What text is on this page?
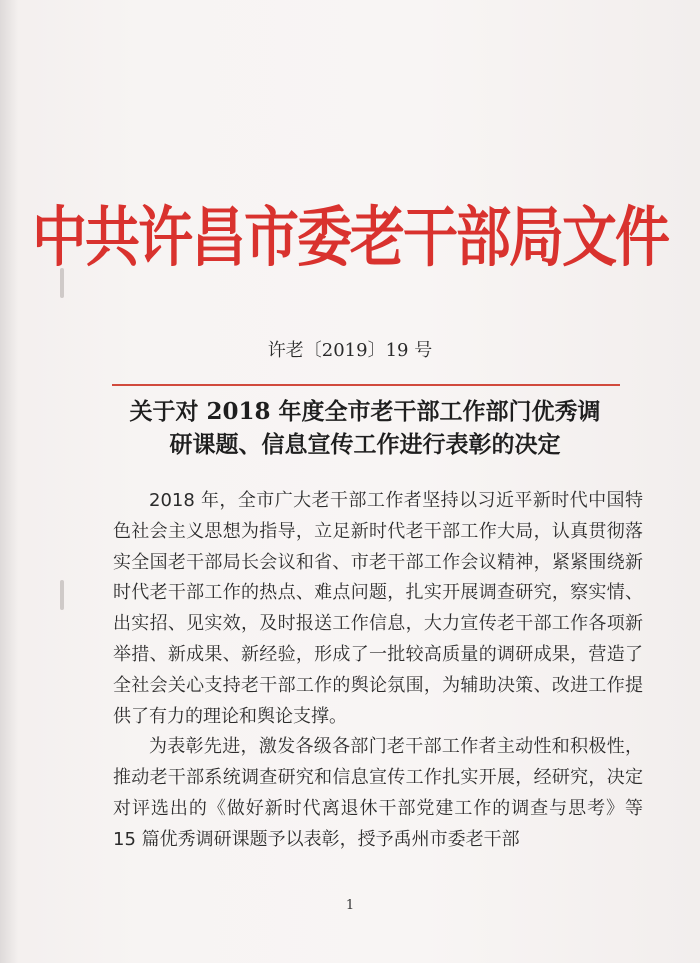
中共许昌市委老干部局文件
许老〔2019〕19 号
关于对 2018 年度全市老干部工作部门优秀调
研课题、信息宣传工作进行表彰的决定

2018 年，全市广大老干部工作者坚持以习近平新时代中国特色社会主义思想为指导，立足新时代老干部工作大局，认真贯彻落实全国老干部局长会议和省、市老干部工作会议精神，紧紧围绕新时代老干部工作的热点、难点问题，扎实开展调查研究，察实情、出实招、见实效，及时报送工作信息，大力宣传老干部工作各项新举措、新成果、新经验，形成了一批较高质量的调研成果，营造了全社会关心支持老干部工作的舆论氛围，为辅助决策、改进工作提供了有力的理论和舆论支撑。

为表彰先进，激发各级各部门老干部工作者主动性和积极性，推动老干部系统调查研究和信息宣传工作扎实开展，经研究，决定对评选出的《做好新时代离退休干部党建工作的调查与思考》等 15 篇优秀调研课题予以表彰，授予禹州市委老干部

1
